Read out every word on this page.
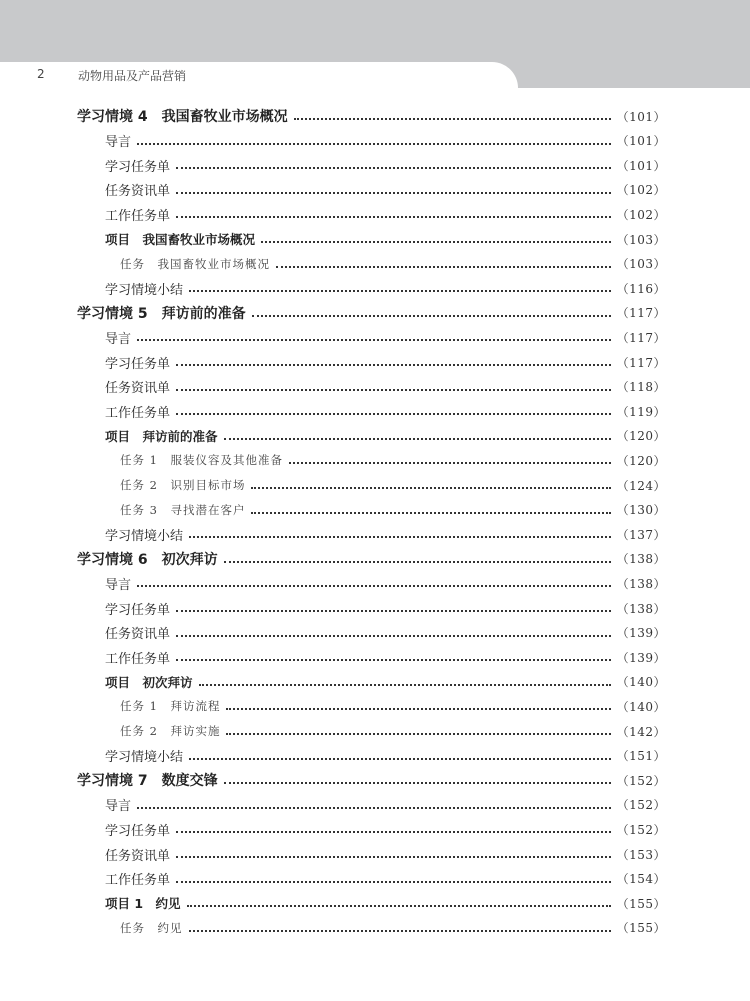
2	动物用品及产品营销
学习情境 4　我国畜牧业市场概况	（101）
导言	（101）
学习任务单	（101）
任务资讯单	（102）
工作任务单	（102）
项目　我国畜牧业市场概况	（103）
任务　我国畜牧业市场概况	（103）
学习情境小结	（116）
学习情境 5　拜访前的准备	（117）
导言	（117）
学习任务单	（117）
任务资讯单	（118）
工作任务单	（119）
项目　拜访前的准备	（120）
任务 1　服装仪容及其他准备	（120）
任务 2　识别目标市场	（124）
任务 3　寻找潜在客户	（130）
学习情境小结	（137）
学习情境 6　初次拜访	（138）
导言	（138）
学习任务单	（138）
任务资讯单	（139）
工作任务单	（139）
项目　初次拜访	（140）
任务 1　拜访流程	（140）
任务 2　拜访实施	（142）
学习情境小结	（151）
学习情境 7　数度交锋	（152）
导言	（152）
学习任务单	（152）
任务资讯单	（153）
工作任务单	（154）
项目 1　约见	（155）
任务　约见	（155）
